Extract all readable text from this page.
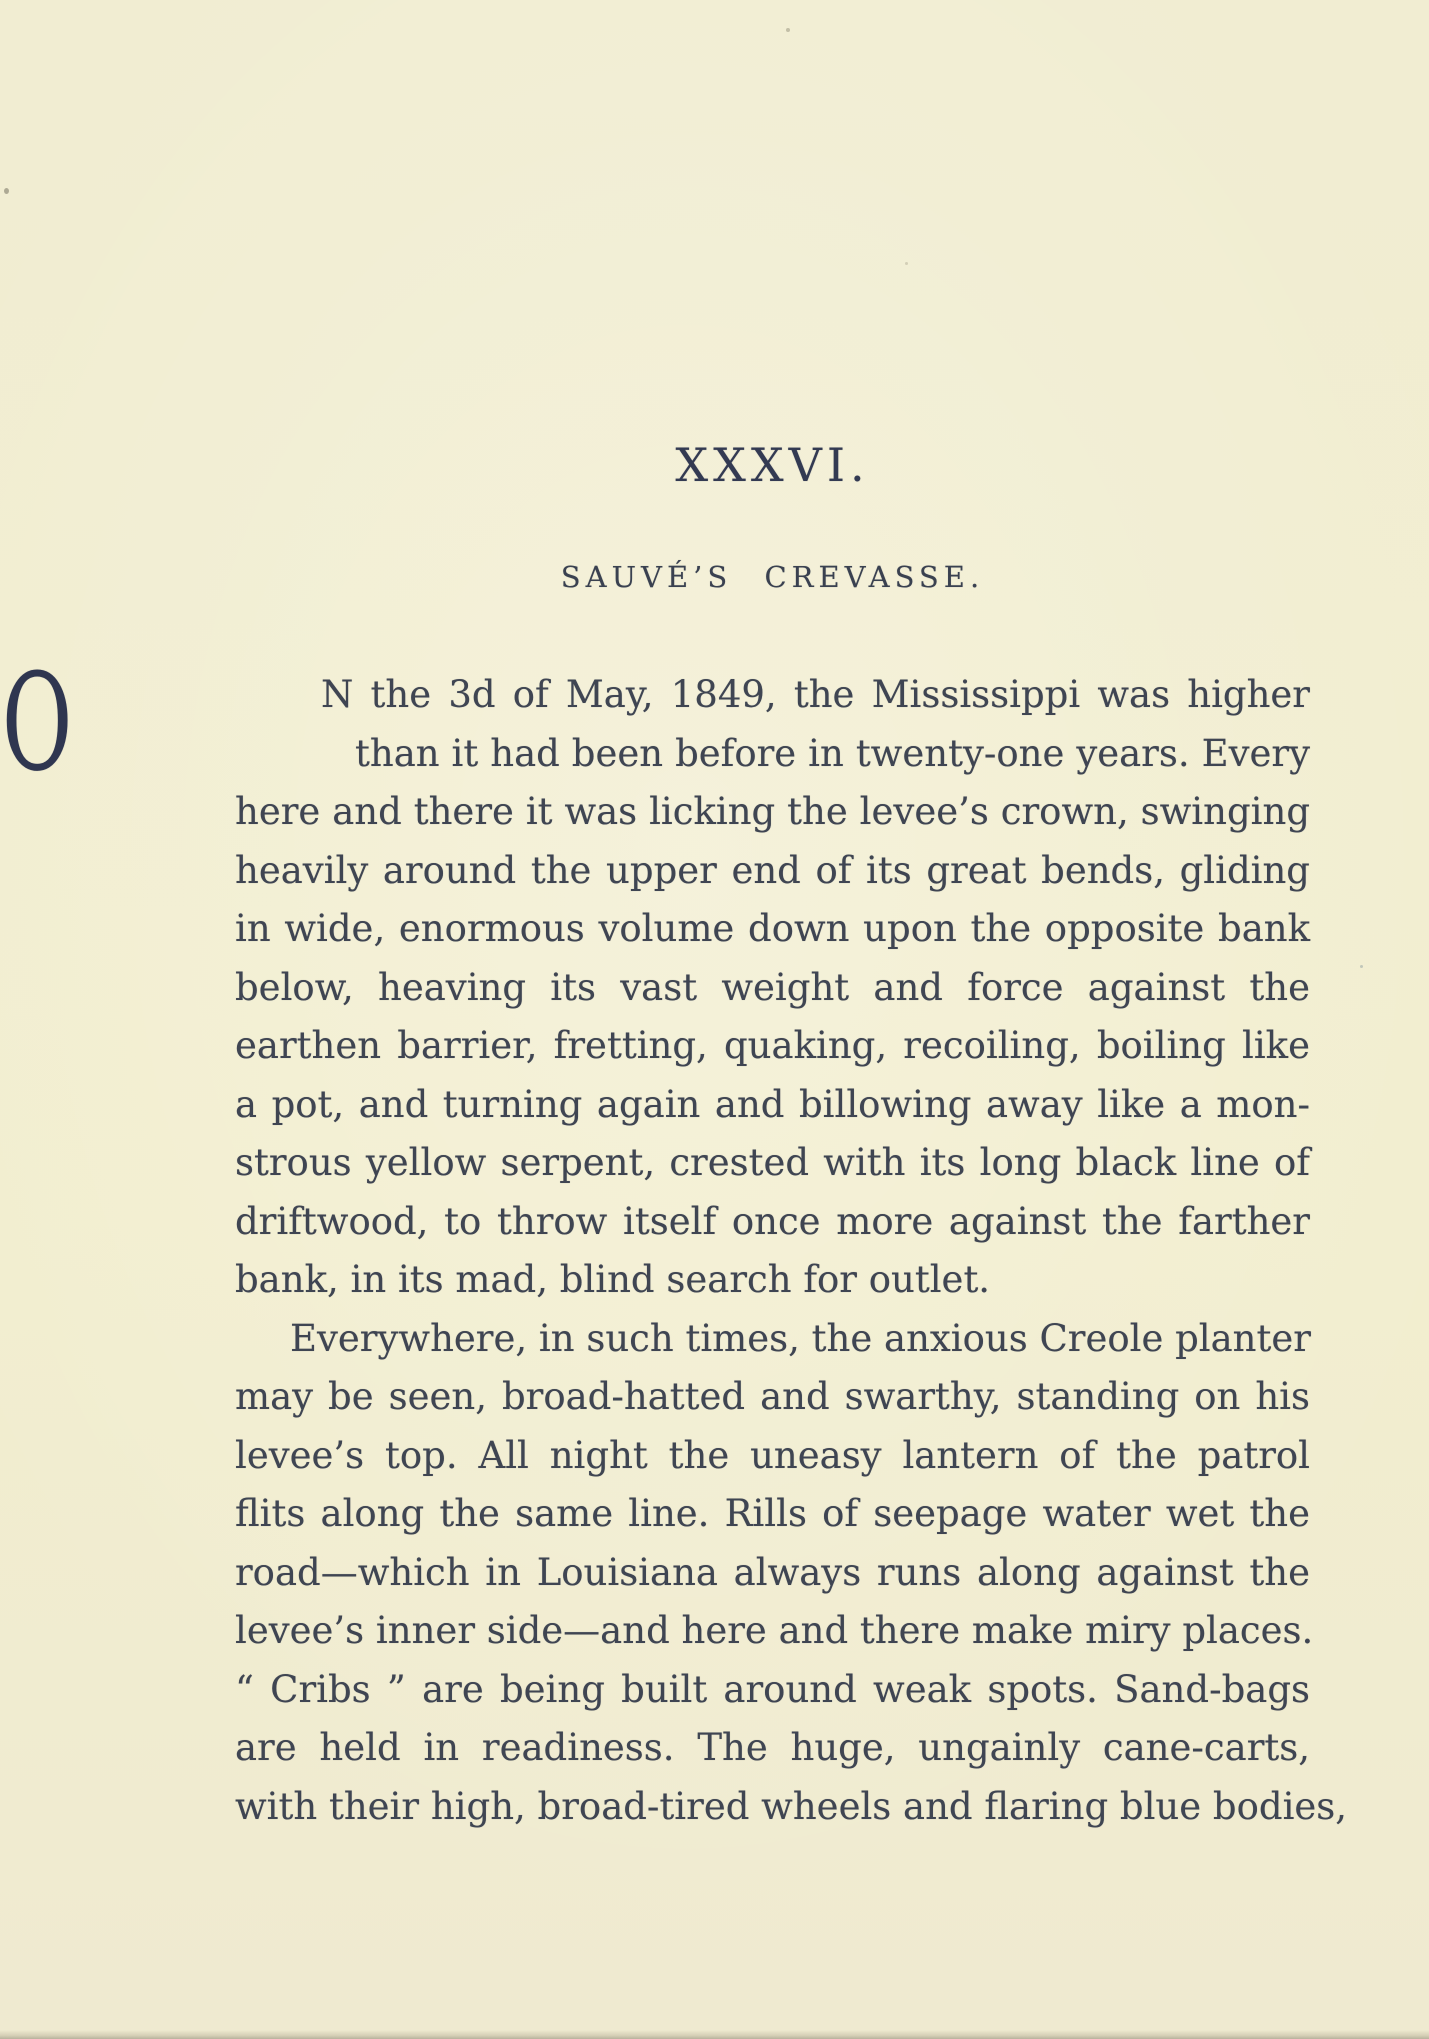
XXXVI.
SAUVÉ’S CREVASSE.
O	N the 3d of May, 1849, the Mississippi was higher
than it had been before in twenty-one years. Every
here and there it was licking the levee’s crown, swinging
heavily around the upper end of its great bends, gliding
in wide, enormous volume down upon the opposite bank
below, heaving its vast weight and force against the
earthen barrier, fretting, quaking, recoiling, boiling like
a pot, and turning again and billowing away like a mon-
strous yellow serpent, crested with its long black line of
driftwood, to throw itself once more against the farther
bank, in its mad, blind search for outlet.
Everywhere, in such times, the anxious Creole planter
may be seen, broad-hatted and swarthy, standing on his
levee’s top. All night the uneasy lantern of the patrol
flits along the same line. Rills of seepage water wet the
road—which in Louisiana always runs along against the
levee’s inner side—and here and there make miry places.
“ Cribs ” are being built around weak spots. Sand-bags
are held in readiness. The huge, ungainly cane-carts,
with their high, broad-tired wheels and flaring blue bodies,
